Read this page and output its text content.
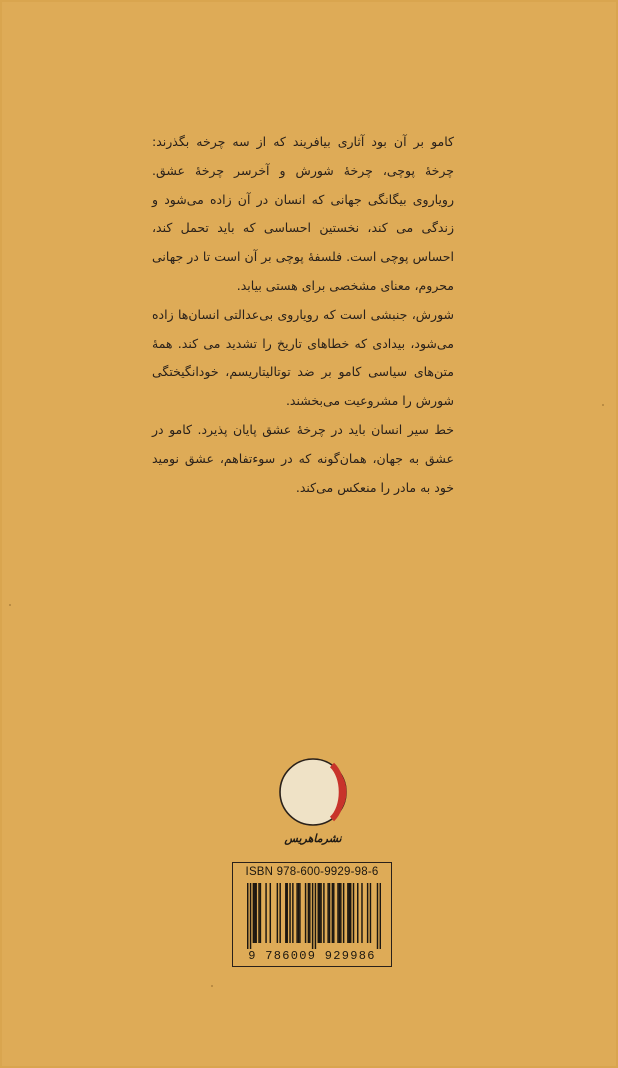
کامو بر آن بود آثاری بیافریند که از سه چرخه بگذرند: چرخهٔ پوچی، چرخهٔ شورش و آخرسر چرخهٔ عشق. رویاروی بیگانگی جهانی که انسان در آن زاده می‌شود و زندگی می کند، نخستین احساسی که باید تحمل کند، احساس پوچی است. فلسفهٔ پوچی بر آن است تا در جهانی محروم، معنای مشخصی برای هستی بیابد.

شورش، جنبشی است که رویاروی بی‌عدالتی انسان‌ها زاده می‌شود، بیدادی که خطاهای تاریخ را تشدید می کند. همهٔ متن‌های سیاسی کامو بر ضد توتالیتاریسم، خودانگیختگی شورش را مشروعیت می‌بخشند.

خط سیر انسان باید در چرخهٔ عشق پایان پذیرد. کامو در عشق به جهان، همان‌گونه که در سوءتفاهم، عشق نومید خود به مادر را منعکس می‌کند.

نشرماهریس
ISBN 978-600-9929-98-6
9 786009 929986
